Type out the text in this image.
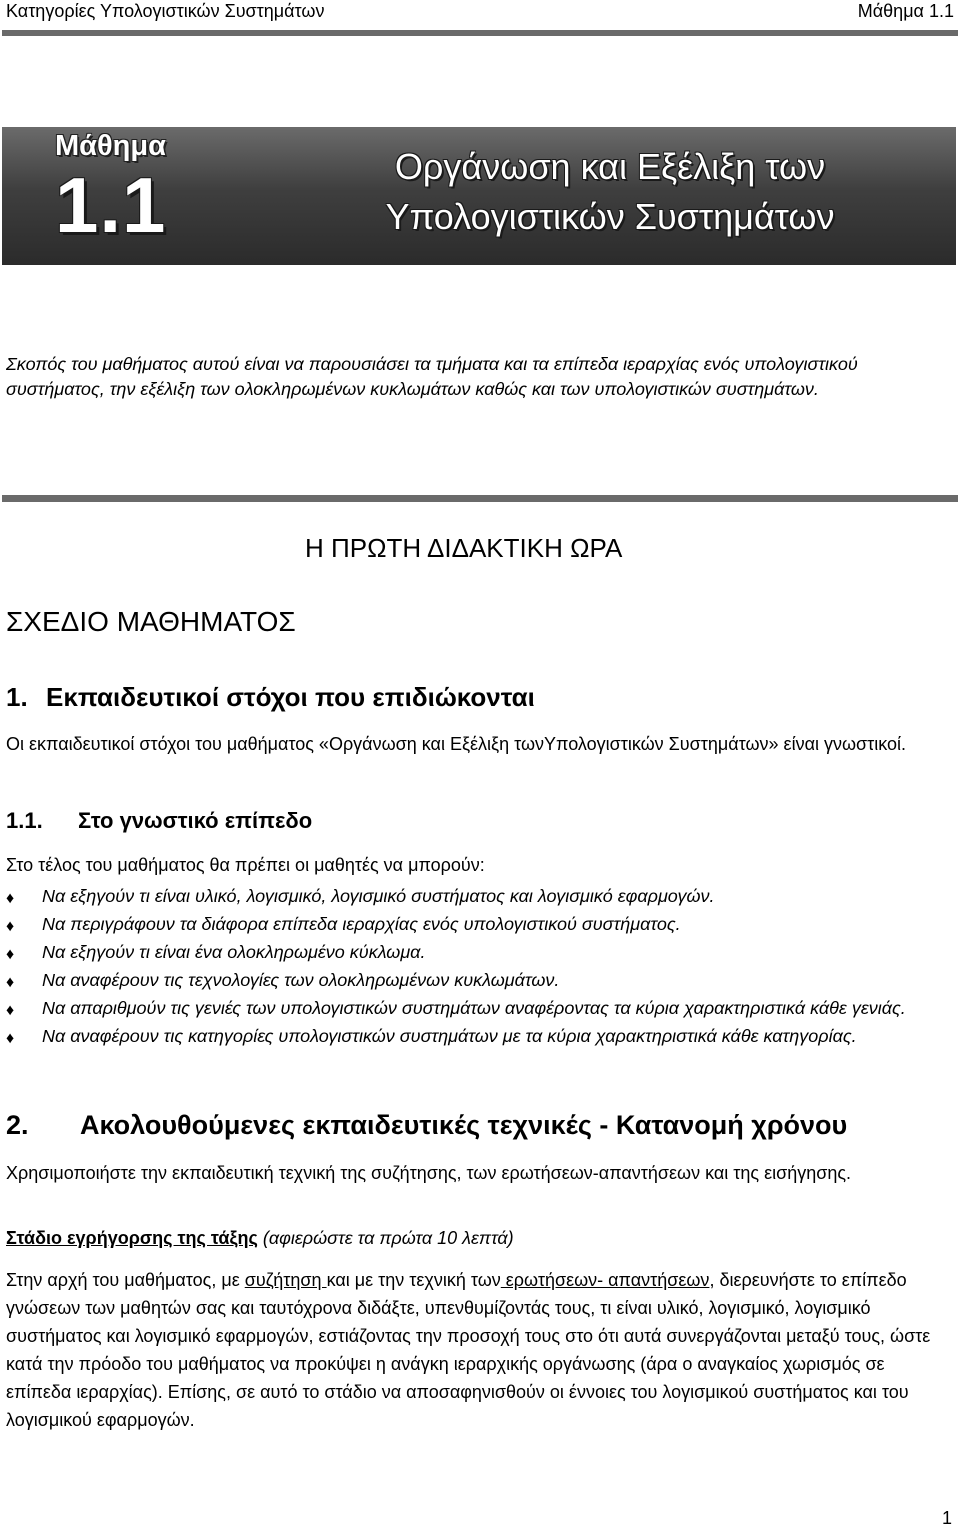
Κατηγορίες Υπολογιστικών Συστημάτων	Μάθημα 1.1
Μάθημα
1.1	Οργάνωση και Εξέλιξη των
Υπολογιστικών Συστημάτων

Σκοπός του μαθήματος αυτού είναι να παρουσιάσει τα τμήματα και τα επίπεδα ιεραρχίας ενός υπολογιστικού συστήματος, την εξέλιξη των ολοκληρωμένων κυκλωμάτων καθώς και των υπολογιστικών συστημάτων.

Η ΠΡΩΤΗ ΔΙΔΑΚΤΙΚΗ ΩΡΑ
ΣΧΕΔΙΟ ΜΑΘΗΜΑΤΟΣ
1. Εκπαιδευτικοί στόχοι που επιδιώκονται

Οι εκπαιδευτικοί στόχοι του μαθήματος «Οργάνωση και Εξέλιξη τωνΥπολογιστικών Συστημάτων» είναι γνωστικοί.

1.1. Στο γνωστικό επίπεδο

Στο τέλος του μαθήματος θα πρέπει οι μαθητές να μπορούν:

♦ Να εξηγούν τι είναι υλικό, λογισμικό, λογισμικό συστήματος και λογισμικό εφαρμογών.
♦ Να περιγράφουν τα διάφορα επίπεδα ιεραρχίας ενός υπολογιστικού συστήματος.
♦ Να εξηγούν τι είναι ένα ολοκληρωμένο κύκλωμα.
♦ Να αναφέρουν τις τεχνολογίες των ολοκληρωμένων κυκλωμάτων.
♦ Να απαριθμούν τις γενιές των υπολογιστικών συστημάτων αναφέροντας τα κύρια χαρακτηριστικά κάθε γενιάς.
♦ Να αναφέρουν τις κατηγορίες υπολογιστικών συστημάτων με τα κύρια χαρακτηριστικά κάθε κατηγορίας.
2. Ακολουθούμενες εκπαιδευτικές τεχνικές - Κατανομή χρόνου

Χρησιμοποιήστε την εκπαιδευτική τεχνική της συζήτησης, των ερωτήσεων-απαντήσεων και της εισήγησης.

Στάδιο εγρήγορσης της τάξης (αφιερώστε τα πρώτα 10 λεπτά)

Στην αρχή του μαθήματος, με συζήτηση και με την τεχνική των ερωτήσεων- απαντήσεων, διερευνήστε το επίπεδο γνώσεων των μαθητών σας και ταυτόχρονα διδάξτε, υπενθυμίζοντάς τους, τι είναι υλικό, λογισμικό, λογισμικό συστήματος και λογισμικό εφαρμογών, εστιάζοντας την προσοχή τους στο ότι αυτά συνεργάζονται μεταξύ τους, ώστε κατά την πρόοδο του μαθήματος να προκύψει η ανάγκη ιεραρχικής οργάνωσης (άρα ο αναγκαίος χωρισμός σε επίπεδα ιεραρχίας). Επίσης, σε αυτό το στάδιο να αποσαφηνισθούν οι έννοιες του λογισμικού συστήματος και του λογισμικού εφαρμογών.

1
